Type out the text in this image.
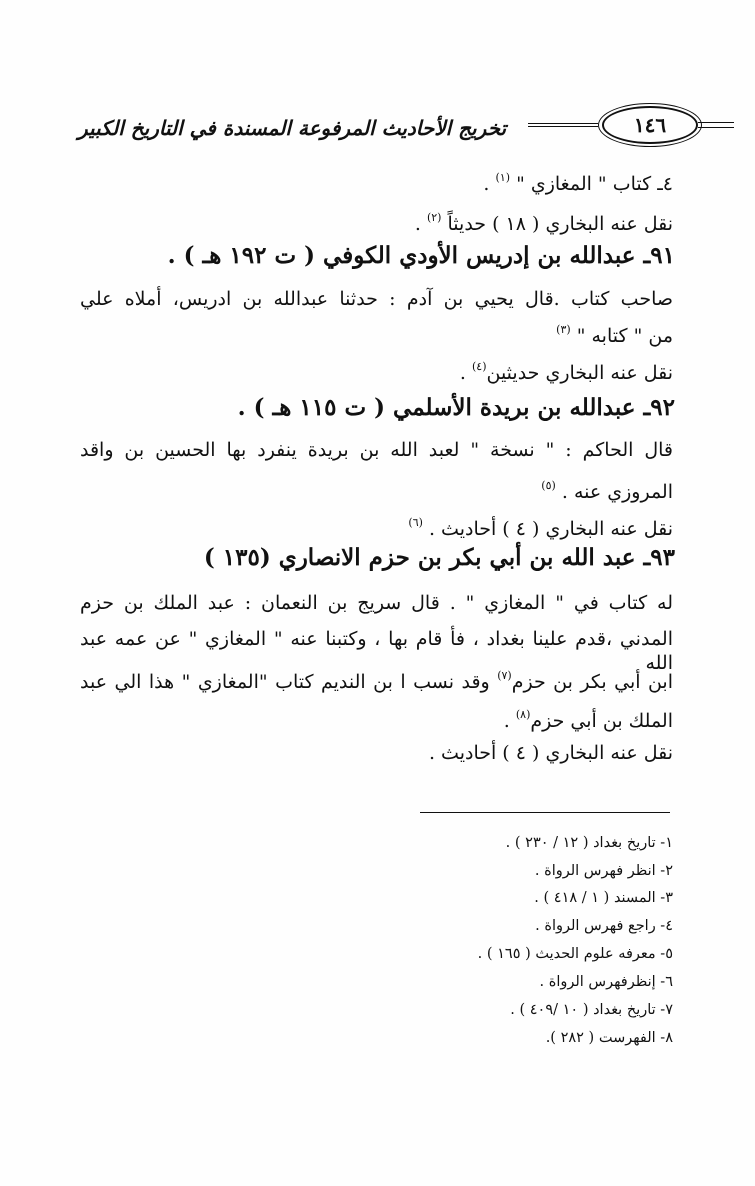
تخريج الأحاديث المرفوعة المسندة في التاريخ الكبير	١٤٦
٤ـ كتاب " المغازي " $^{(١)}$ .
نقل عنه البخاري ( ١٨ ) حديثاً $^{(٢)}$ .
٩١ـ عبدالله بن إدريس الأودي الكوفي ( ت ١٩٢ هـ ) .
صاحب كتاب .قال يحيي بن آدم : حدثنا عبدالله بن ادريس، أملاه علي
من " كتابه " $^{(٣)}$
نقل عنه البخاري حديثين$^{(٤)}$ .
٩٢ـ عبدالله بن بريدة الأسلمي ( ت ١١٥ هـ ) .
قال الحاكم : " نسخة " لعبد الله بن بريدة ينفرد بها الحسين بن واقد
المروزي عنه . $^{(٥)}$
نقل عنه البخاري ( ٤ ) أحاديث . $^{(٦)}$
٩٣ـ عبد الله بن أبي بكر بن حزم الانصاري (١٣٥ )
له كتاب في " المغازي " . قال سريج بن النعمان : عبد الملك بن حزم
المدني ،قدم علينا بغداد ، فأ قام بها ، وكتبنا عنه " المغازي " عن عمه عبد الله
ابن أبي بكر بن حزم$^{(٧)}$ وقد نسب ا بن النديم كتاب "المغازي " هذا الي عبد
الملك بن أبي حزم$^{(٨)}$ .
نقل عنه البخاري ( ٤ ) أحاديث .
١- تاريخ بغداد ( ١٢ / ٢٣٠ ) .
٢- انظر فهرس الرواة .
٣- المسند ( ١ / ٤١٨ ) .
٤- راجع فهرس الرواة .
٥- معرفه علوم الحديث ( ١٦٥ ) .
٦- إنظرفهرس الرواة .
٧- تاريخ بغداد ( ١٠ /٤٠٩ ) .
٨- الفهرست ( ٢٨٢ ).
